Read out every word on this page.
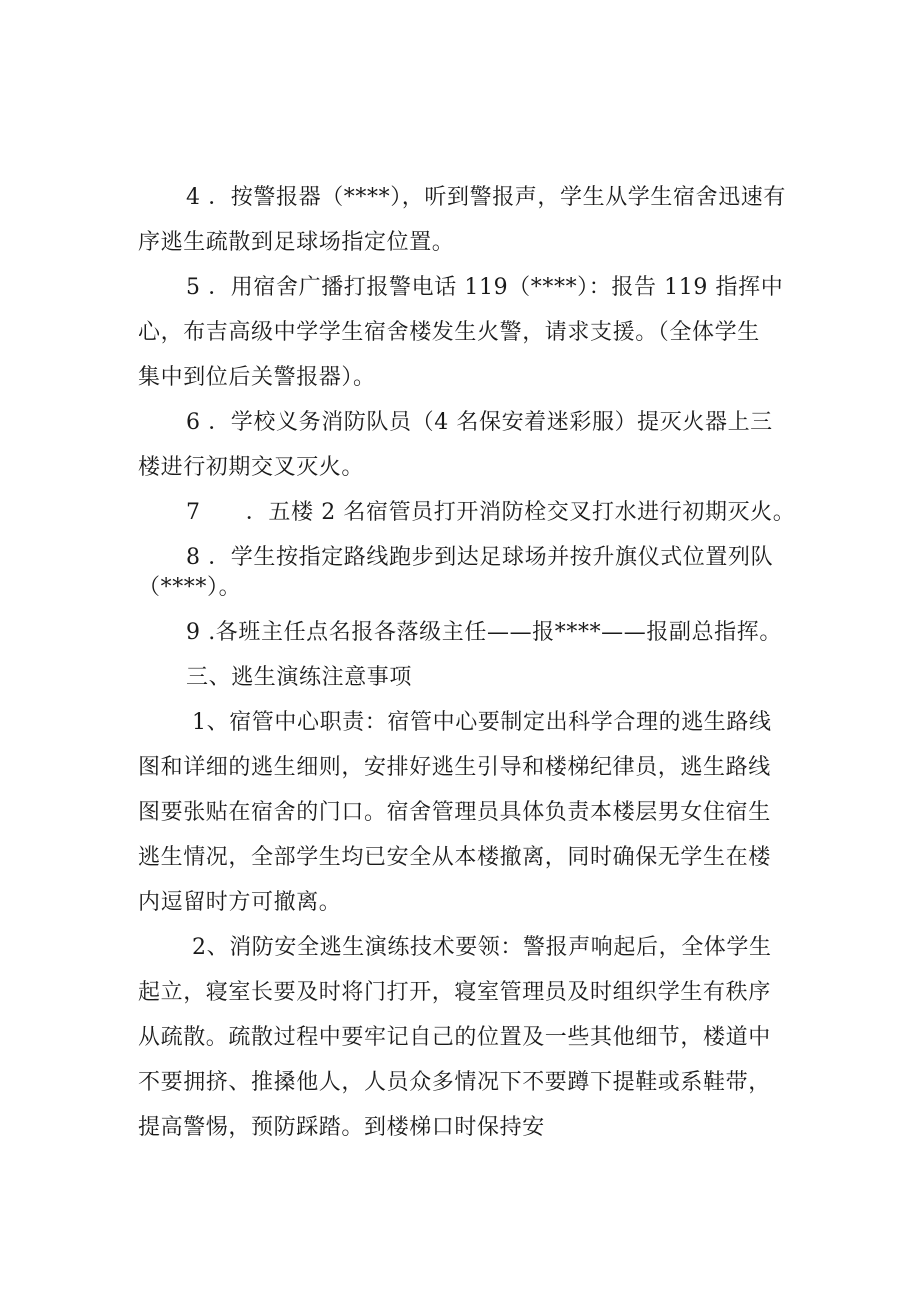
4 ．按警报器（****），听到警报声，学生从学生宿舍迅速有
序逃生疏散到足球场指定位置。
5 ．用宿舍广播打报警电话 119（****）：报告 119 指挥中
心，布吉高级中学学生宿舍楼发生火警，请求支援。（全体学生
集中到位后关警报器）。
6 ．学校义务消防队员（4 名保安着迷彩服）提灭火器上三
楼进行初期交叉灭火。
7　　．五楼 2 名宿管员打开消防栓交叉打水进行初期灭火。
8 ．学生按指定路线跑步到达足球场并按升旗仪式位置列队
（****）。
9 .各班主任点名报各落级主任——报****——报副总指挥。
三、逃生演练注意事项
1、宿管中心职责：宿管中心要制定出科学合理的逃生路线
图和详细的逃生细则，安排好逃生引导和楼梯纪律员，逃生路线
图要张贴在宿舍的门口。宿舍管理员具体负责本楼层男女住宿生
逃生情况，全部学生均已安全从本楼撤离，同时确保无学生在楼
内逗留时方可撤离。
2、消防安全逃生演练技术要领：警报声响起后，全体学生
起立，寝室长要及时将门打开，寝室管理员及时组织学生有秩序
从疏散。疏散过程中要牢记自己的位置及一些其他细节，楼道中
不要拥挤、推搡他人，人员众多情况下不要蹲下提鞋或系鞋带，
提高警惕，预防踩踏。到楼梯口时保持安
